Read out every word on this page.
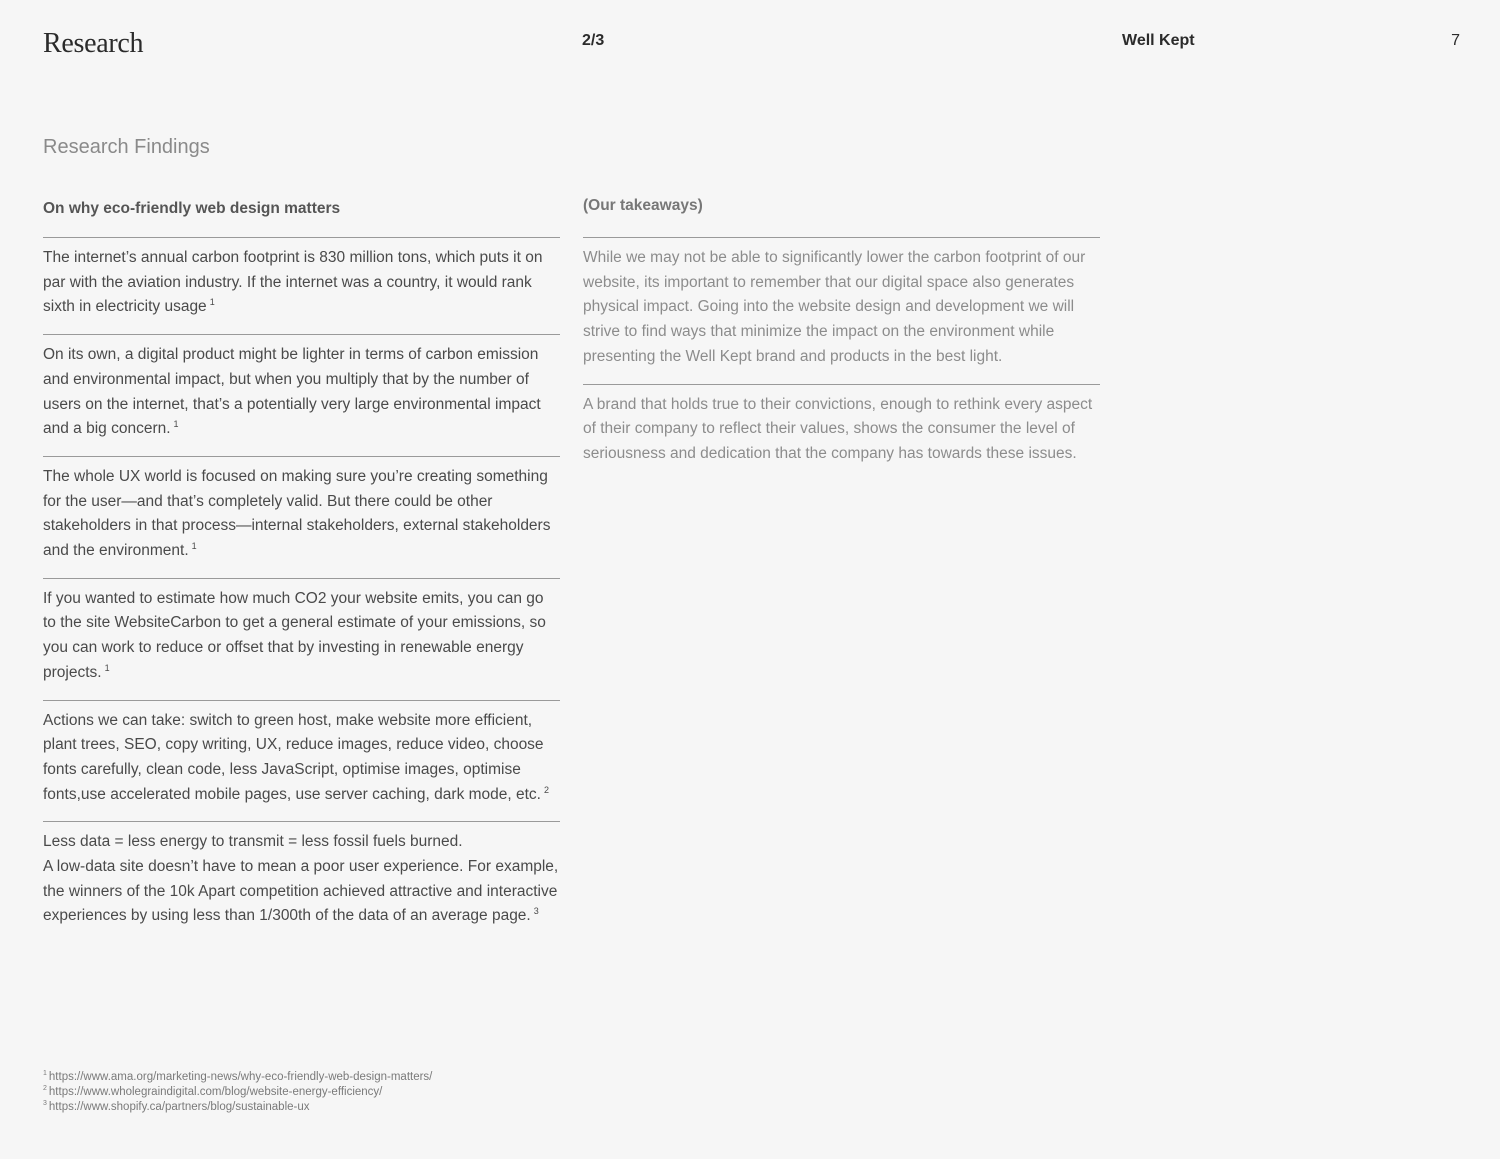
Research	2/3	Well Kept	7
Research Findings
On why eco-friendly web design matters
The internet’s annual carbon footprint is 830 million tons, which puts it on par with the aviation industry. If the internet was a country, it would rank sixth in electricity usage $^1$
On its own, a digital product might be lighter in terms of carbon emission and environmental impact, but when you multiply that by the number of users on the internet, that’s a potentially very large environmental impact and a big concern. $^1$
The whole UX world is focused on making sure you’re creating something for the user—and that’s completely valid. But there could be other stakeholders in that process—internal stakeholders, external stakeholders and the environment. $^1$
If you wanted to estimate how much CO2 your website emits, you can go to the site WebsiteCarbon to get a general estimate of your emissions, so you can work to reduce or offset that by investing in renewable energy projects. $^1$
Actions we can take: switch to green host, make website more efficient, plant trees, SEO, copy writing, UX, reduce images, reduce video, choose fonts carefully, clean code, less JavaScript, optimise images, optimise fonts,use accelerated mobile pages, use server caching, dark mode, etc. $^2$
Less data = less energy to transmit = less fossil fuels burned.
A low-data site doesn’t have to mean a poor user experience. For example, the winners of the 10k Apart competition achieved attractive and interactive experiences by using less than 1/300th of the data of an average page. $^3$
(Our takeaways)
While we may not be able to significantly lower the carbon footprint of our website, its important to remember that our digital space also generates physical impact. Going into the website design and development we will strive to find ways that minimize the impact on the environment while presenting the Well Kept brand and products in the best light.
A brand that holds true to their convictions, enough to rethink every aspect of their company to reflect their values, shows the consumer the level of seriousness and dedication that the company has towards these issues.
$^1$ https://www.ama.org/marketing-news/why-eco-friendly-web-design-matters/
$^2$ https://www.wholegraindigital.com/blog/website-energy-efficiency/
$^3$ https://www.shopify.ca/partners/blog/sustainable-ux
